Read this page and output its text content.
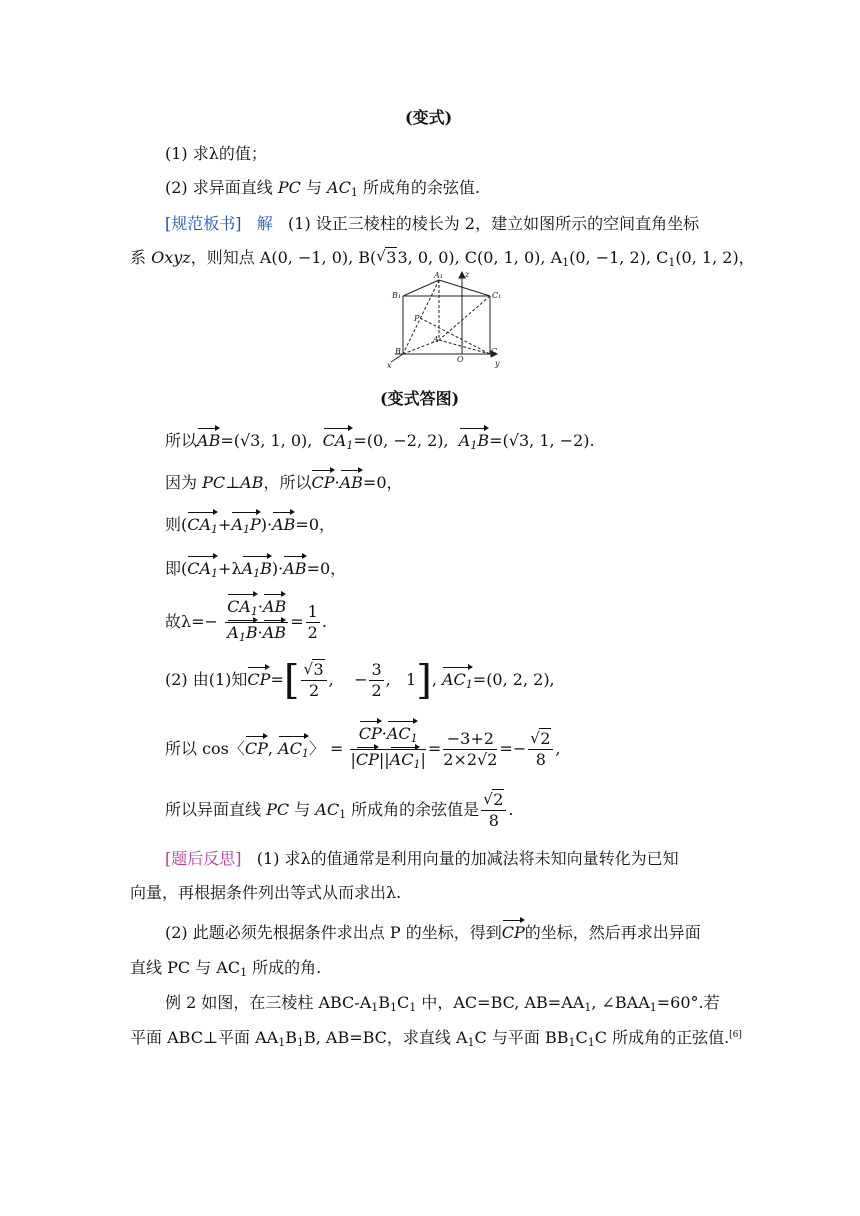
(变式)
(1) 求λ的值；
(2) 求异面直线 PC 与 $AC_1$ 所成角的余弦值.
[规范板书] 解 (1) 设正三棱柱的棱长为 2，建立如图所示的空间直角坐标
系 Oxyz，则知点 A(0, −1, 0), B( √ 33, 0, 0), C(0, 1, 0), $A_1(0$, −1, 2), $C_1(0$, 1, 2)，
A₁	z
B₁	C₁
P
A
B
O
C
x	y
(变式答图)
所以AB=(√3, 1, 0), $CA_1=(0$, −2, 2), $A_1B=(√3$, 1, −2).
因为 PC⊥AB，所以CP·AB=0，
则$(CA_1+A_1P)\cdot AB=0$，
即$(CA_1+\lambda A_1B)\cdot AB=0$，
故$\lambda=- \frac{CA_1\cdot AB}{A_1B\cdot AB} = \frac{1}{2}$ .
(2) 由(1)知CP=[ √ $\frac{3}{2}$ ,    − $\frac{3}{2}$ ,   1], $AC_1=(0$, 2, 2),
所以 cos〈CP, $AC_1$〉 = $\frac{CP\cdot AC_1}{|CP||AC_1|} = \frac{-3+2}{2\times 2√2}$ =− √ $\frac{2}{8}$ ,
所以异面直线 PC 与 $AC_1$ 所成角的余弦值是 √ $\frac{2}{8}$ .
[题后反思] (1) 求λ的值通常是利用向量的加减法将未知向量转化为已知
向量，再根据条件列出等式从而求出λ.
(2) 此题必须先根据条件求出点 P 的坐标，得到CP的坐标，然后再求出异面
直线 PC 与 $AC_1$ 所成的角.
例 2 如图，在三棱柱 ABC-$A_1B_1C_1$ 中，AC=BC, $AB=AA_1$, $\angle BAA_1=60^\circ$.若
平面 ABC⊥平面 $AA_1B_1B$, AB=BC，求直线 $A_1C$ 与平面 $BB_1C_1C$ 所成角的正弦值.[6]
